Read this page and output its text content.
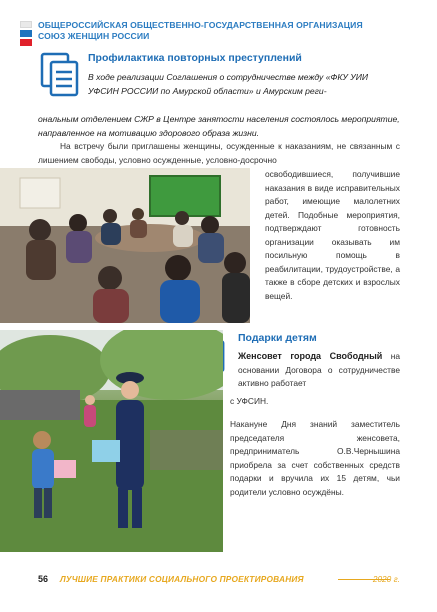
ОБЩЕРОССИЙСКАЯ ОБЩЕСТВЕННО-ГОСУДАРСТВЕННАЯ ОРГАНИЗАЦИЯ
СОЮЗ ЖЕНЩИН РОССИИ
Профилактика повторных преступлений
В ходе реализации Соглашения о сотрудничестве между «ФКУ УИИ УФСИН РОССИИ по Амурской области» и Амурским реги-
ональным отделением СЖР в Центре занятости населения состоялось мероприятие, направленное на мотивацию здорового образа жизни.
На встречу были приглашены женщины, осужденные к наказаниям, не связанным с лишением свободы, условно осужденные, условно-досрочно
освободившиеся, получившие наказания в виде исправительных работ, имеющие малолетних детей. Подобные мероприятия, подтверждают готовность организации оказывать им посильную помощь в реабилитации, трудоустройстве, а также в сборе детских и взрослых вещей.
Подарки детям
Женсовет города Свободный на основании Договора о сотрудничестве активно работает
с УФСИН.
Накануне Дня знаний заместитель председателя женсовета, предприниматель О.В.Чернышина приобрела за счет собственных средств подарки и вручила их 15 детям, чьи родители условно осуждёны.
56 ЛУЧШИЕ ПРАКТИКИ СОЦИАЛЬНОГО ПРОЕКТИРОВАНИЯ	2020 г.
